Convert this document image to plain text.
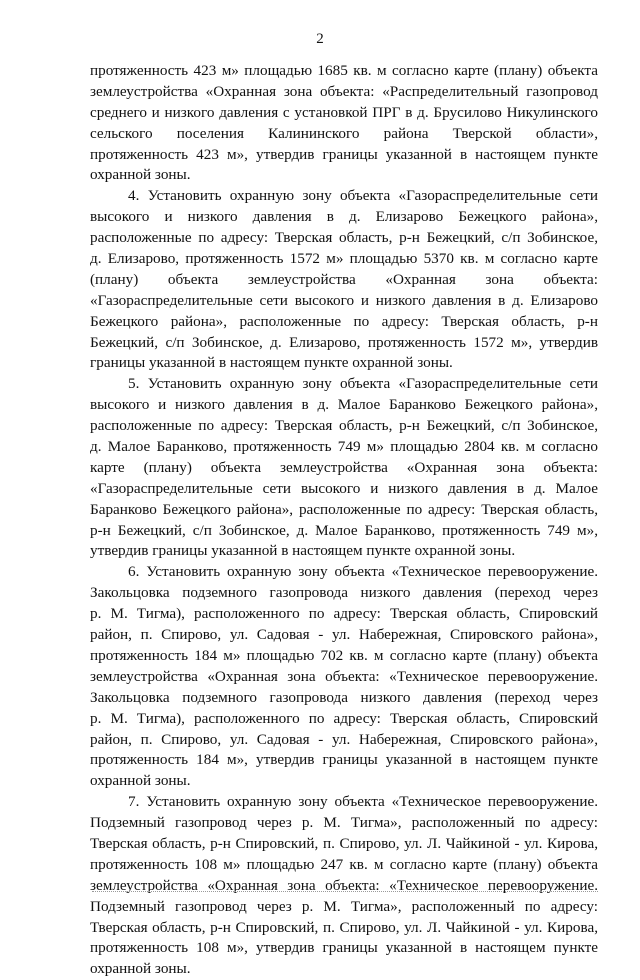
2
протяженность 423 м» площадью 1685 кв. м согласно карте (плану) объекта
землеустройства «Охранная зона объекта: «Распределительный газопровод
среднего и низкого давления с установкой ПРГ в д. Брусилово Никулинского
сельского поселения Калининского района Тверской области»,
протяженность 423 м», утвердив границы указанной в настоящем пункте
охранной зоны.
4. Установить охранную зону объекта «Газораспределительные сети
высокого и низкого давления в д. Елизарово Бежецкого района»,
расположенные по адресу: Тверская область, р-н Бежецкий, с/п Зобинское,
д. Елизарово, протяженность 1572 м» площадью 5370 кв. м согласно карте
(плану) объекта землеустройства «Охранная зона объекта:
«Газораспределительные сети высокого и низкого давления в д. Елизарово
Бежецкого района», расположенные по адресу: Тверская область, р-н
Бежецкий, с/п Зобинское, д. Елизарово, протяженность 1572 м», утвердив
границы указанной в настоящем пункте охранной зоны.
5. Установить охранную зону объекта «Газораспределительные сети
высокого и низкого давления в д. Малое Баранково Бежецкого района»,
расположенные по адресу: Тверская область, р-н Бежецкий, с/п Зобинское,
д. Малое Баранково, протяженность 749 м» площадью 2804 кв. м согласно
карте (плану) объекта землеустройства «Охранная зона объекта:
«Газораспределительные сети высокого и низкого давления в д. Малое
Баранково Бежецкого района», расположенные по адресу: Тверская область,
р-н Бежецкий, с/п Зобинское, д. Малое Баранково, протяженность 749 м»,
утвердив границы указанной в настоящем пункте охранной зоны.
6. Установить охранную зону объекта «Техническое перевооружение.
Закольцовка подземного газопровода низкого давления (переход через
р. М. Тигма), расположенного по адресу: Тверская область, Спировский
район, п. Спирово, ул. Садовая - ул. Набережная, Спировского района»,
протяженность 184 м» площадью 702 кв. м согласно карте (плану) объекта
землеустройства «Охранная зона объекта: «Техническое перевооружение.
Закольцовка подземного газопровода низкого давления (переход через
р. М. Тигма), расположенного по адресу: Тверская область, Спировский
район, п. Спирово, ул. Садовая - ул. Набережная, Спировского района»,
протяженность 184 м», утвердив границы указанной в настоящем пункте
охранной зоны.
7. Установить охранную зону объекта «Техническое перевооружение.
Подземный газопровод через р. М. Тигма», расположенный по адресу:
Тверская область, р-н Спировский, п. Спирово, ул. Л. Чайкиной - ул. Кирова,
протяженность 108 м» площадью 247 кв. м согласно карте (плану) объекта
землеустройства «Охранная зона объекта: «Техническое перевооружение.
Подземный газопровод через р. М. Тигма», расположенный по адресу:
Тверская область, р-н Спировский, п. Спирово, ул. Л. Чайкиной - ул. Кирова,
протяженность 108 м», утвердив границы указанной в настоящем пункте
охранной зоны.
